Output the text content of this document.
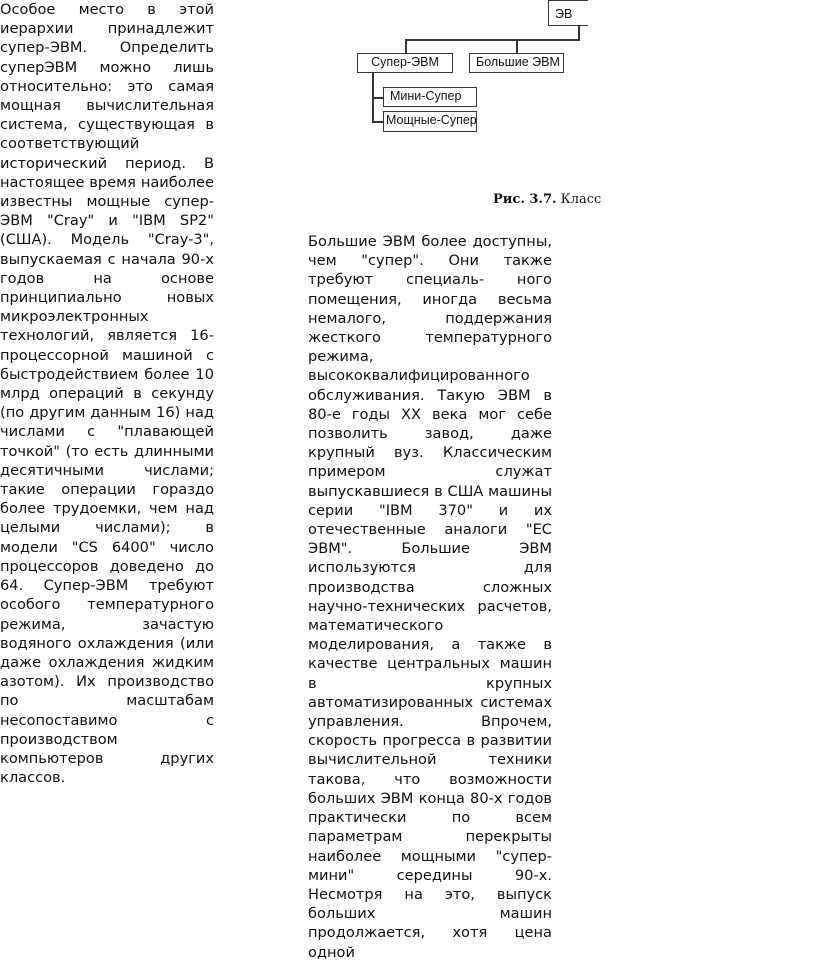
Особое место в этой иерархии принадлежит супер-ЭВМ. Определить суперЭВМ можно лишь относительно: это самая мощная вычислительная система, существующая в соответствующий исторический период. В настоящее время наиболее известны мощные супер-ЭВМ "Cray" и "IBM SP2" (США). Модель "Cray-3", выпускаемая с начала 90-х годов на основе принципиально новых микроэлектронных технологий, является 16-процессорной машиной с быстродействием более 10 млрд операций в секунду (по другим данным 16) над числами с "плавающей точкой" (то есть длинными десятичными числами; такие операции гораздо более трудоемки, чем над целыми числами); в модели "CS 6400" число процессоров доведено до 64. Супер-ЭВМ требуют особого температурного режима, зачастую водяного охлаждения (или даже охлаждения жидким азотом). Их производство по масштабам несопоставимо с производством компьютеров других классов.

ЭВ
Супер-ЭВМ	Большие ЭВМ
Мини-Супер
Мощные-Супер
Рис. 3.7. Класс

Большие ЭВМ более доступны, чем "супер". Они также требуют специаль- ного помещения, иногда весьма немалого, поддержания жесткого температурного режима, высококвалифицированного обслуживания. Такую ЭВМ в 80-е годы XX века мог себе позволить завод, даже крупный вуз. Классическим примером служат выпускавшиеся в США машины серии "IBM 370" и их отечественные аналоги "ЕС ЭВМ". Большие ЭВМ используются для производства сложных научно-технических расчетов, математического моделирования, а также в качестве центральных машин в крупных автоматизированных системах управления. Впрочем, скорость прогресса в развитии вычислительной техники такова, что возможности больших ЭВМ конца 80-х годов практически по всем параметрам перекрыты наиболее мощными "супер-мини" середины 90-х. Несмотря на это, выпуск больших машин продолжается, хотя цена одной
